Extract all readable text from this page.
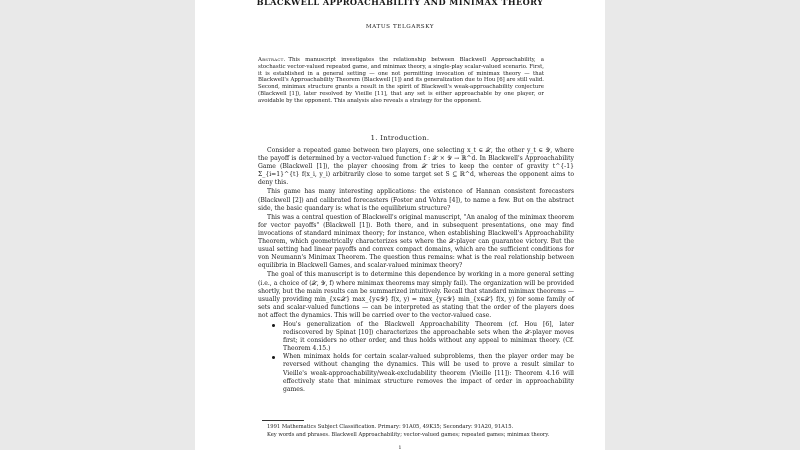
BLACKWELL APPROACHABILITY AND MINIMAX THEORY
MATUS TELGARSKY
Abstract. This manuscript investigates the relationship between Blackwell Approachability, a stochastic vector-valued repeated game, and minimax theory, a single-play scalar-valued scenario. First, it is established in a general setting — one not permitting invocation of minimax theory — that Blackwell's Approachability Theorem (Blackwell [1]) and its generalization due to Hou [6] are still valid. Second, minimax structure grants a result in the spirit of Blackwell's weak-approachability conjecture (Blackwell [1]), later resolved by Vieille [11], that any set is either approachable by one player, or avoidable by the opponent. This analysis also reveals a strategy for the opponent.
1. Introduction.

Consider a repeated game between two players, one selecting x_t ∈ 𝒳, the other y_t ∈ 𝒴, where the payoff is determined by a vector-valued function f : 𝒳 × 𝒴 → ℝ^d. In Blackwell's Approachability Game (Blackwell [1]), the player choosing from 𝒳 tries to keep the center of gravity t^{-1} Σ_{i=1}^{t} f(x_i, y_i) arbitrarily close to some target set S ⊆ ℝ^d, whereas the opponent aims to deny this.

This game has many interesting applications: the existence of Hannan consistent forecasters (Blackwell [2]) and calibrated forecasters (Foster and Vohra [4]), to name a few. But on the abstract side, the basic quandary is: what is the equilibrium structure?

This was a central question of Blackwell's original manuscript, "An analog of the minimax theorem for vector payoffs" (Blackwell [1]). Both there, and in subsequent presentations, one may find invocations of standard minimax theory; for instance, when establishing Blackwell's Approachability Theorem, which geometrically characterizes sets where the 𝒳-player can guarantee victory. But the usual setting had linear payoffs and convex compact domains, which are the sufficient conditions for von Neumann's Minimax Theorem. The question thus remains: what is the real relationship between equilibria in Blackwell Games, and scalar-valued minimax theory?

The goal of this manuscript is to determine this dependence by working in a more general setting (i.e., a choice of (𝒳, 𝒴, f) where minimax theorems may simply fail). The organization will be provided shortly, but the main results can be summarized intuitively. Recall that standard minimax theorems — usually providing min_{x∈𝒳} max_{y∈𝒴} f(x, y) = max_{y∈𝒴} min_{x∈𝒳} f(x, y) for some family of sets and scalar-valued functions — can be interpreted as stating that the order of the players does not affect the dynamics. This will be carried over to the vector-valued case.

Hou's generalization of the Blackwell Approachability Theorem (cf. Hou [6], later rediscovered by Spinat [10]) characterizes the approachable sets when the 𝒳-player moves first; it considers no other order, and thus holds without any appeal to minimax theory. (Cf. Theorem 4.15.)
When minimax holds for certain scalar-valued subproblems, then the player order may be reversed without changing the dynamics. This will be used to prove a result similar to Vieille's weak-approachability/weak-excludability theorem (Vieille [11]): Theorem 4.16 will effectively state that minimax structure removes the impact of order in approachability games.
1991 Mathematics Subject Classification. Primary: 91A05, 49K35; Secondary: 91A20, 91A15.
Key words and phrases. Blackwell Approachability; vector-valued games; repeated games; minimax theory.
1
